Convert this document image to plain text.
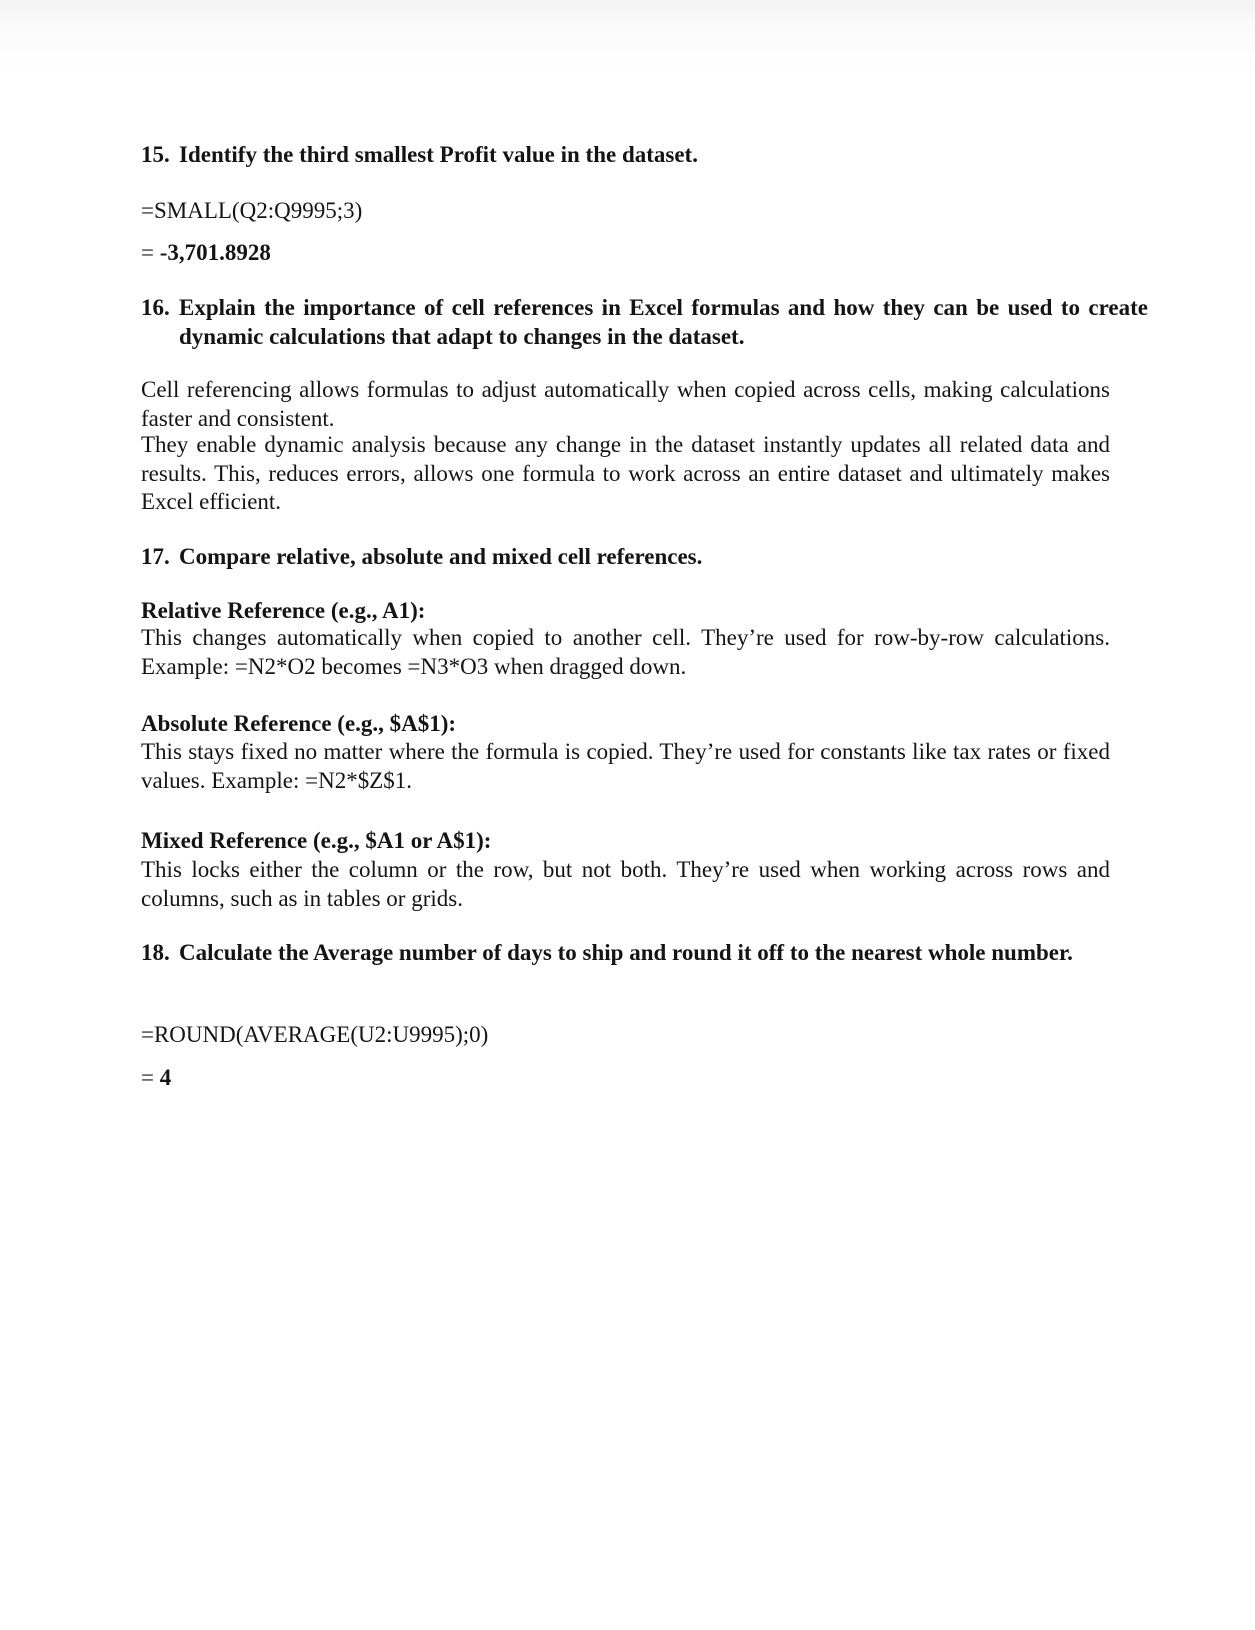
15. Identify the third smallest Profit value in the dataset.

=SMALL(Q2:Q9995;3)

= -3,701.8928

16. Explain the importance of cell references in Excel formulas and how they can be used to create dynamic calculations that adapt to changes in the dataset.

Cell referencing allows formulas to adjust automatically when copied across cells, making calculations faster and consistent.

They enable dynamic analysis because any change in the dataset instantly updates all related data and results. This, reduces errors, allows one formula to work across an entire dataset and ultimately makes Excel efficient.

17. Compare relative, absolute and mixed cell references.

Relative Reference (e.g., A1):

This changes automatically when copied to another cell. They’re used for row-by-row calculations. Example: =N2*O2 becomes =N3*O3 when dragged down.

Absolute Reference (e.g., $A$1):

This stays fixed no matter where the formula is copied. They’re used for constants like tax rates or fixed values. Example: =N2*$Z$1.

Mixed Reference (e.g., $A1 or A$1):

This locks either the column or the row, but not both. They’re used when working across rows and columns, such as in tables or grids.

18. Calculate the Average number of days to ship and round it off to the nearest whole number.

=ROUND(AVERAGE(U2:U9995);0)

= 4
